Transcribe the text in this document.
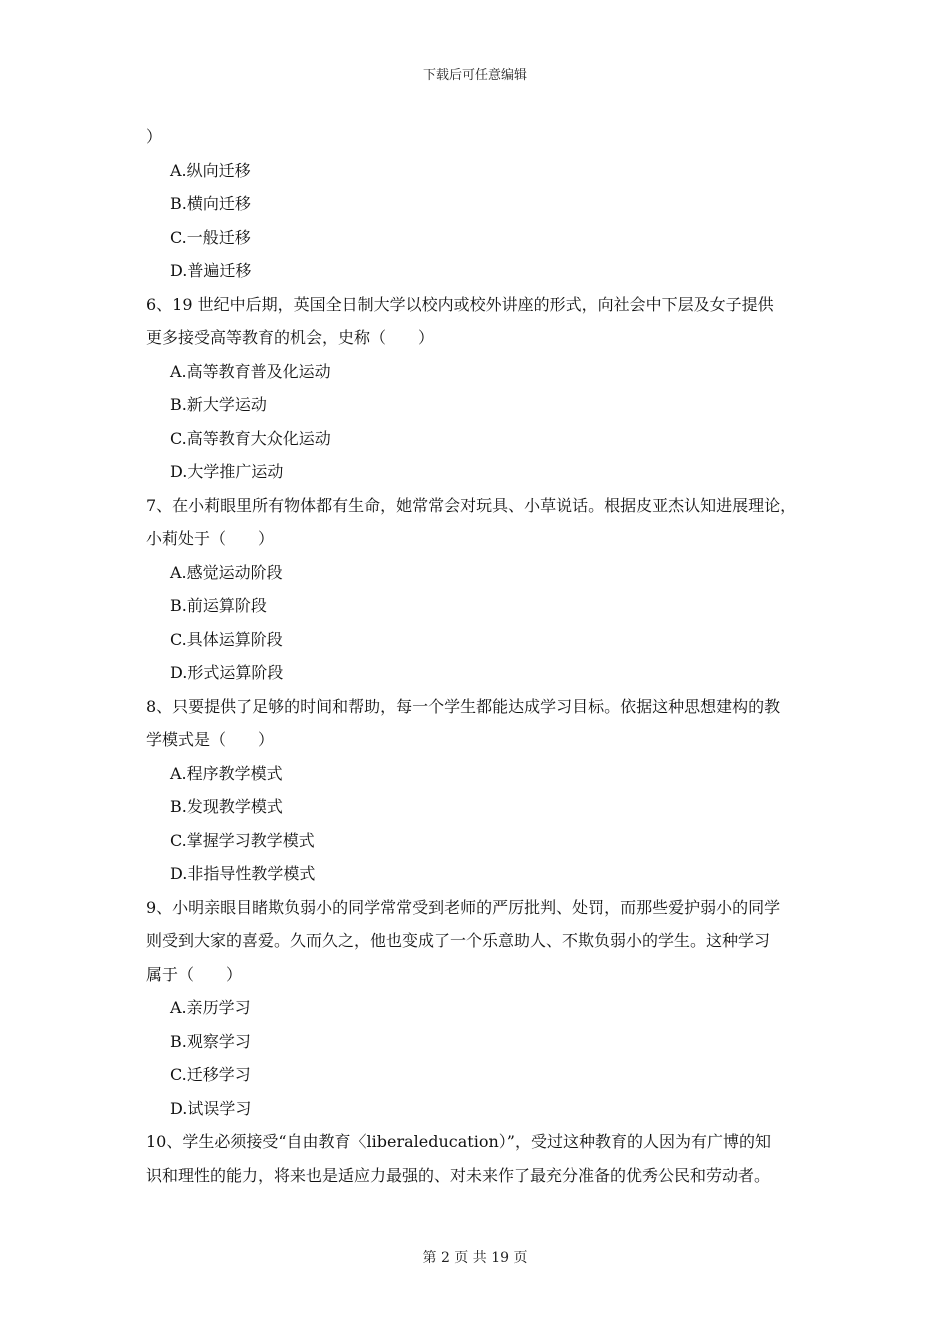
下载后可任意编辑
）
A.纵向迁移
B.横向迁移
C.一般迁移
D.普遍迁移
6、19 世纪中后期，英国全日制大学以校内或校外讲座的形式，向社会中下层及女子提供
更多接受高等教育的机会，史称（　　）
A.高等教育普及化运动
B.新大学运动
C.高等教育大众化运动
D.大学推广运动
7、在小莉眼里所有物体都有生命，她常常会对玩具、小草说话。根据皮亚杰认知进展理论，
小莉处于（　　）
A.感觉运动阶段
B.前运算阶段
C.具体运算阶段
D.形式运算阶段
8、只要提供了足够的时间和帮助，每一个学生都能达成学习目标。依据这种思想建构的教
学模式是（　　）
A.程序教学模式
B.发现教学模式
C.掌握学习教学模式
D.非指导性教学模式
9、小明亲眼目睹欺负弱小的同学常常受到老师的严厉批判、处罚，而那些爱护弱小的同学
则受到大家的喜爱。久而久之，他也变成了一个乐意助人、不欺负弱小的学生。这种学习
属于（　　）
A.亲历学习
B.观察学习
C.迁移学习
D.试误学习
10、学生必须接受“自由教育〈liberaleducation）”，受过这种教育的人因为有广博的知
识和理性的能力，将来也是适应力最强的、对未来作了最充分准备的优秀公民和劳动者。
第 2 页 共 19 页
